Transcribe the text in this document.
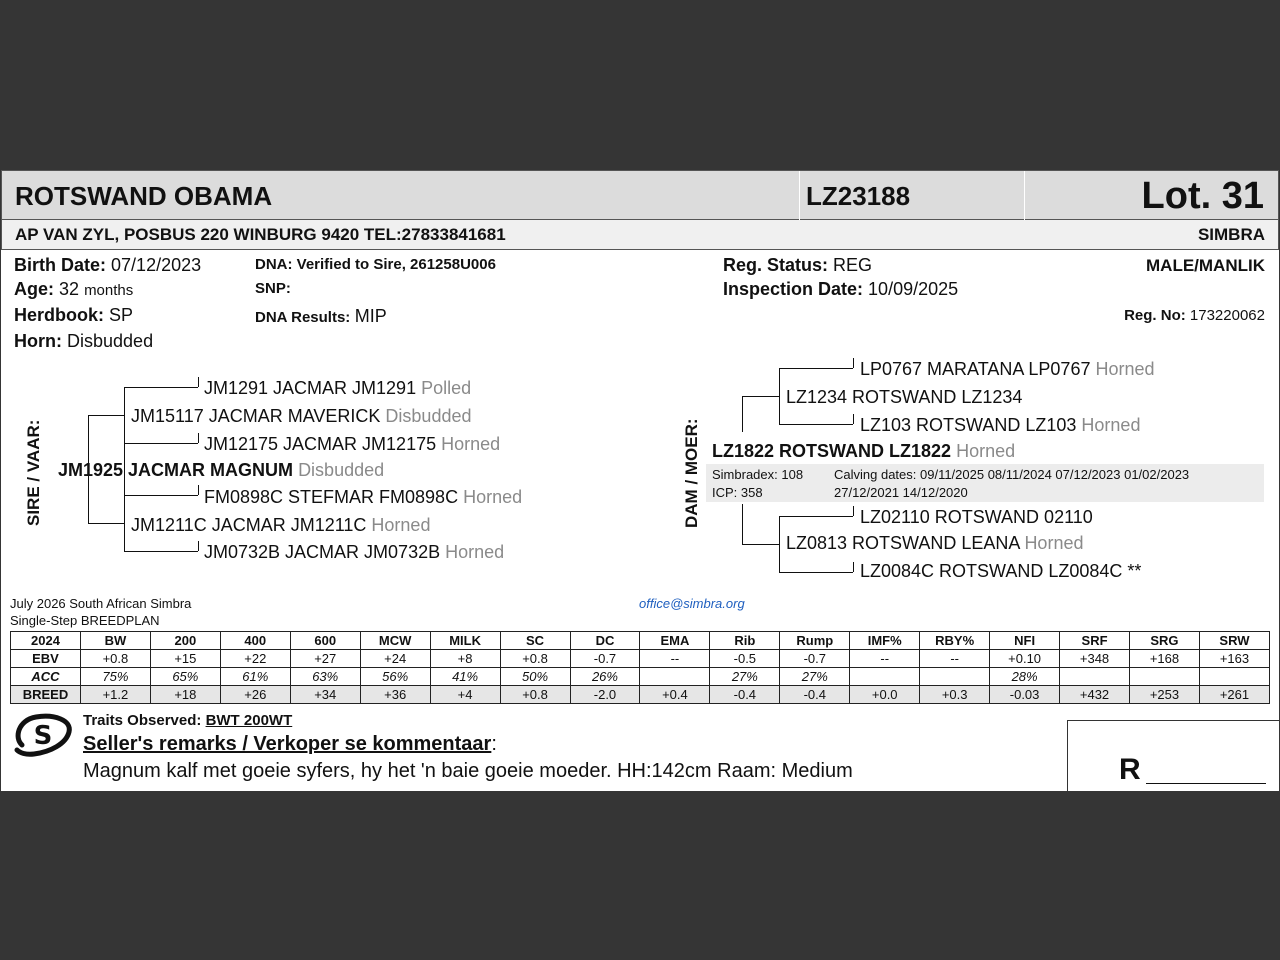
ROTSWAND OBAMA	LZ23188	Lot. 31
AP VAN ZYL, POSBUS 220 WINBURG 9420 TEL:27833841681	SIMBRA
Birth Date: 07/12/2023
Age: 32 months
Herdbook: SP
Horn: Disbudded
DNA: Verified to Sire, 261258U006
SNP:
DNA Results: MIP
Reg. Status: REG
Inspection Date: 10/09/2025
MALE/MANLIK
Reg. No: 173220062
SIRE / VAAR:
JM1291 JACMAR JM1291 Polled
JM15117 JACMAR MAVERICK Disbudded
JM12175 JACMAR JM12175 Horned
JM1925 JACMAR MAGNUM Disbudded
FM0898C STEFMAR FM0898C Horned
JM1211C JACMAR JM1211C Horned
JM0732B JACMAR JM0732B Horned
DAM / MOER:
LP0767 MARATANA LP0767 Horned
LZ1234 ROTSWAND LZ1234
LZ103 ROTSWAND LZ103 Horned
LZ1822 ROTSWAND LZ1822 Horned
LZ02110 ROTSWAND 02110
LZ0813 ROTSWAND LEANA Horned
LZ0084C ROTSWAND LZ0084C **
Simbradex: 108
ICP: 358
Calving dates: 09/11/2025 08/11/2024 07/12/2023 01/02/2023
27/12/2021 14/12/2020
July 2026 South African Simbra
Single-Step BREEDPLAN
office@simbra.org
2024	BW	200	400	600	MCW	MILK	SC	DC	EMA	Rib	Rump	IMF%	RBY%	NFI	SRF	SRG	SRW
EBV	+0.8	+15	+22	+27	+24	+8	+0.8	-0.7	--	-0.5	-0.7	--	--	+0.10	+348	+168	+163
ACC	75%	65%	61%	63%	56%	41%	50%	26%		27%	27%			28%			
BREED	+1.2	+18	+26	+34	+36	+4	+0.8	-2.0	+0.4	-0.4	-0.4	+0.0	+0.3	-0.03	+432	+253	+261
S
Traits Observed: BWT 200WT
Seller's remarks / Verkoper se kommentaar:
Magnum kalf met goeie syfers, hy het 'n baie goeie moeder. HH:142cm Raam: Medium	R
